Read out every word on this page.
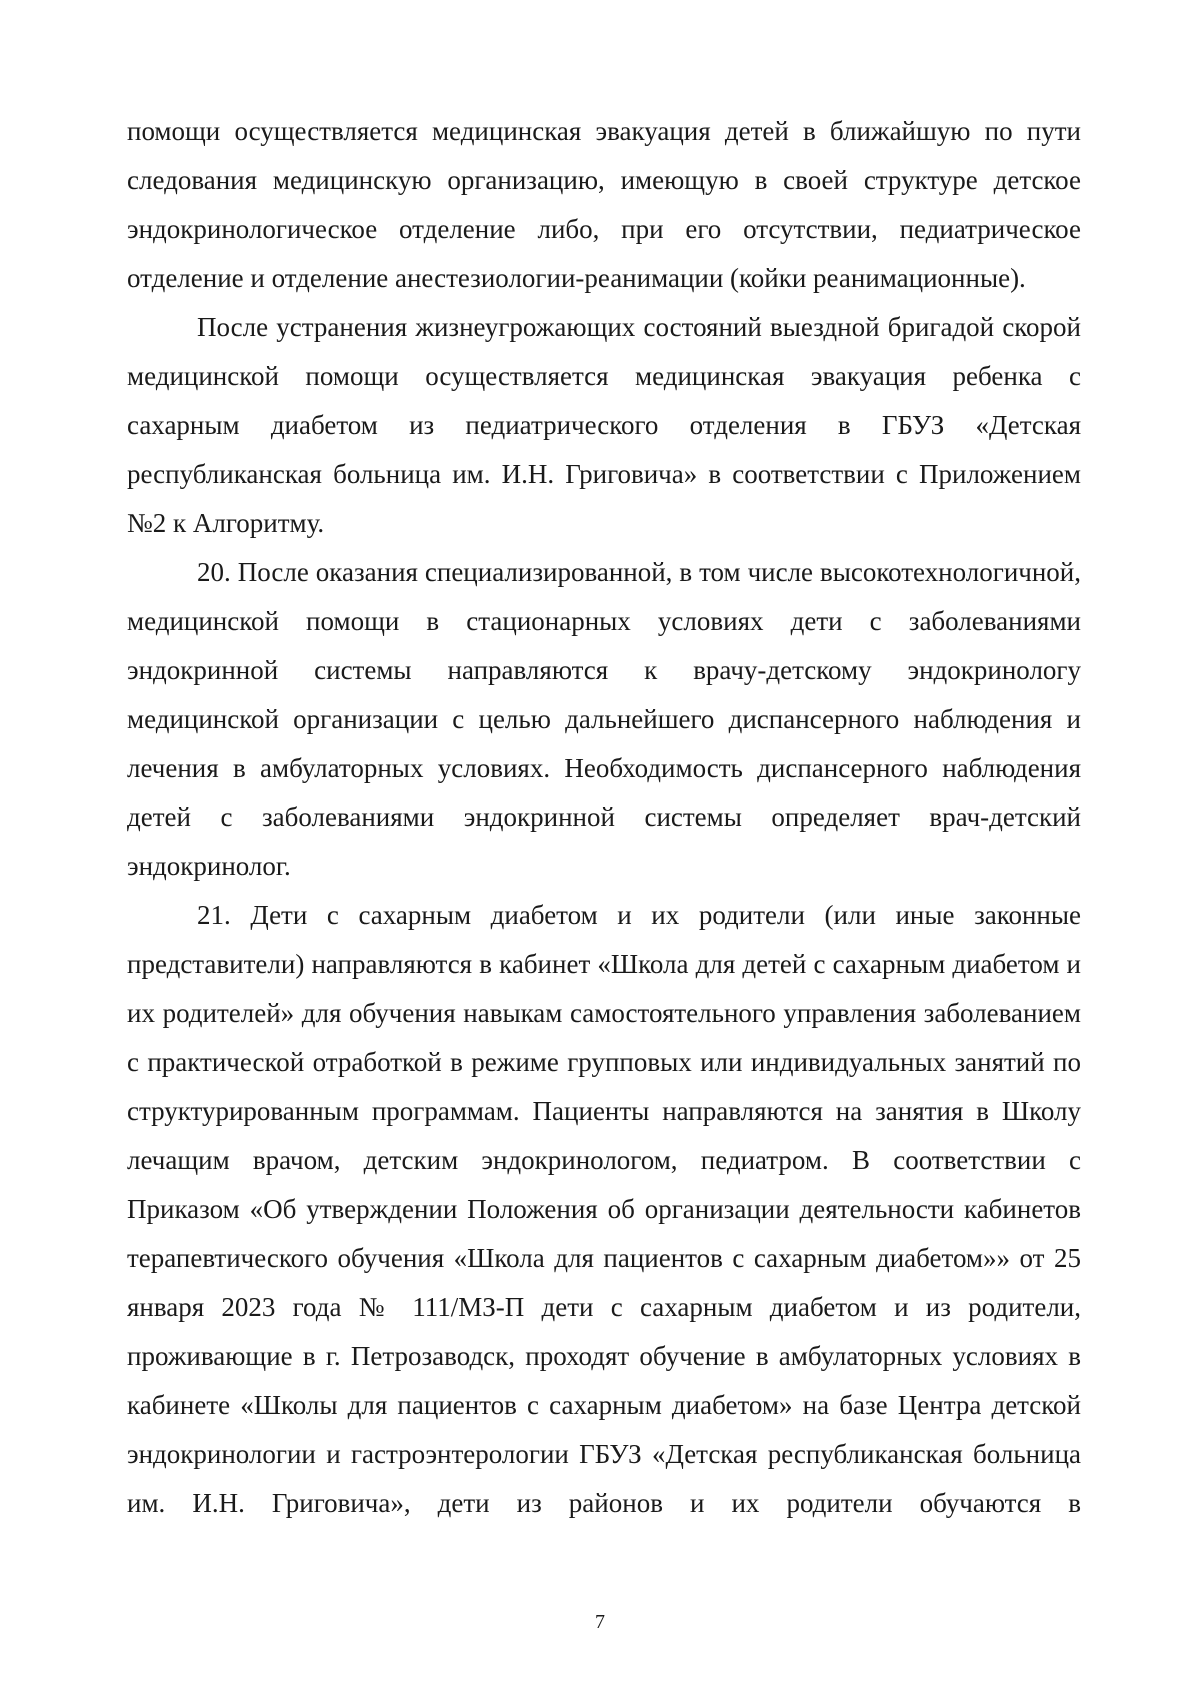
помощи осуществляется медицинская эвакуация детей в ближайшую по пути следования медицинскую организацию, имеющую в своей структуре детское эндокринологическое отделение либо, при его отсутствии, педиатрическое отделение и отделение анестезиологии-реанимации (койки реанимационные).

После устранения жизнеугрожающих состояний выездной бригадой скорой медицинской помощи осуществляется медицинская эвакуация ребенка с сахарным диабетом из педиатрического отделения в ГБУЗ «Детская республиканская больница им. И.Н. Григовича» в соответствии с Приложением №2 к Алгоритму.

20. После оказания специализированной, в том числе высокотехнологичной, медицинской помощи в стационарных условиях дети с заболеваниями эндокринной системы направляются к врачу-детскому эндокринологу медицинской организации с целью дальнейшего диспансерного наблюдения и лечения в амбулаторных условиях. Необходимость диспансерного наблюдения детей с заболеваниями эндокринной системы определяет врач-детский эндокринолог.

21. Дети с сахарным диабетом и их родители (или иные законные представители) направляются в кабинет «Школа для детей с сахарным диабетом и их родителей» для обучения навыкам самостоятельного управления заболеванием с практической отработкой в режиме групповых или индивидуальных занятий по структурированным программам. Пациенты направляются на занятия в Школу лечащим врачом, детским эндокринологом, педиатром. В соответствии с Приказом «Об утверждении Положения об организации деятельности кабинетов терапевтического обучения «Школа для пациентов с сахарным диабетом»» от 25 января 2023 года № 111/МЗ-П дети с сахарным диабетом и из родители, проживающие в г. Петрозаводск, проходят обучение в амбулаторных условиях в кабинете «Школы для пациентов с сахарным диабетом» на базе Центра детской эндокринологии и гастроэнтерологии ГБУЗ «Детская республиканская больница им. И.Н. Григовича», дети из районов и их родители обучаются в

7
